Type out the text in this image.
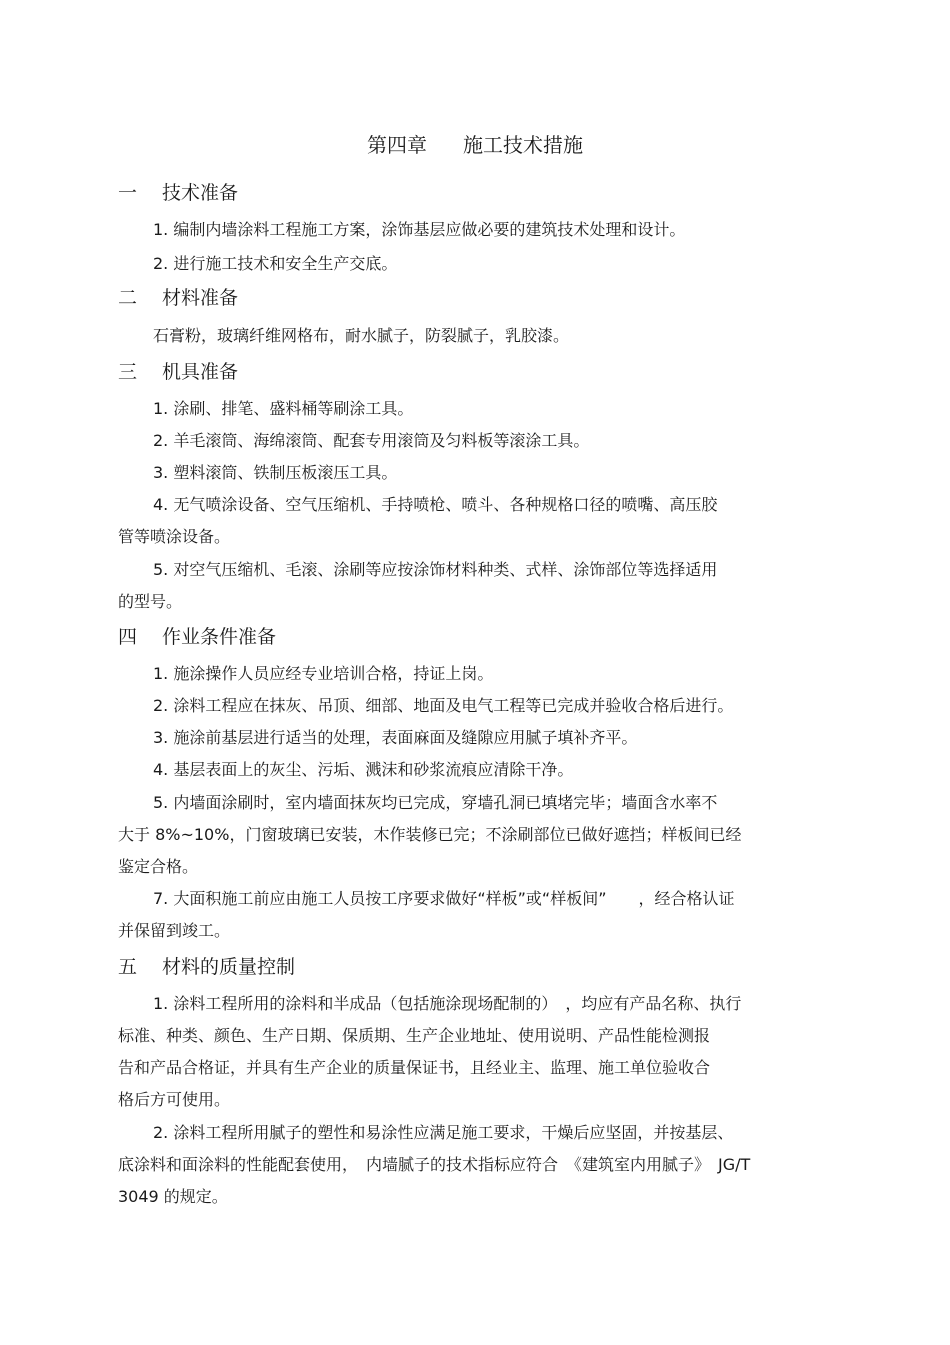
第四章 施工技术措施
一 技术准备
1. 编制内墙涂料工程施工方案，涂饰基层应做必要的建筑技术处理和设计。
2. 进行施工技术和安全生产交底。
二 材料准备
石膏粉，玻璃纤维网格布，耐水腻子，防裂腻子，乳胶漆。
三 机具准备
1. 涂刷、排笔、盛料桶等刷涂工具。
2. 羊毛滚筒、海绵滚筒、配套专用滚筒及匀料板等滚涂工具。
3. 塑料滚筒、铁制压板滚压工具。
4. 无气喷涂设备、空气压缩机、手持喷枪、喷斗、各种规格口径的喷嘴、高压胶
管等喷涂设备。
5. 对空气压缩机、毛滚、涂刷等应按涂饰材料种类、式样、涂饰部位等选择适用
的型号。
四 作业条件准备
1. 施涂操作人员应经专业培训合格，持证上岗。
2. 涂料工程应在抹灰、吊顶、细部、地面及电气工程等已完成并验收合格后进行。
3. 施涂前基层进行适当的处理，表面麻面及缝隙应用腻子填补齐平。
4. 基层表面上的灰尘、污垢、溅沫和砂浆流痕应清除干净。
5. 内墙面涂刷时，室内墙面抹灰均已完成，穿墙孔洞已填堵完毕；墙面含水率不
大于 8%~10%，门窗玻璃已安装，木作装修已完；不涂刷部位已做好遮挡；样板间已经
鉴定合格。
7. 大面积施工前应由施工人员按工序要求做好“样板”或“样板间”　　，经合格认证
并保留到竣工。
五 材料的质量控制
1. 涂料工程所用的涂料和半成品（包括施涂现场配制的）　，均应有产品名称、执行
标准、种类、颜色、生产日期、保质期、生产企业地址、使用说明、产品性能检测报
告和产品合格证，并具有生产企业的质量保证书，且经业主、监理、施工单位验收合
格后方可使用。
2. 涂料工程所用腻子的塑性和易涂性应满足施工要求，干燥后应坚固，并按基层、
底涂料和面涂料的性能配套使用，　内墙腻子的技术指标应符合　《建筑室内用腻子》　JG/T
3049 的规定。
